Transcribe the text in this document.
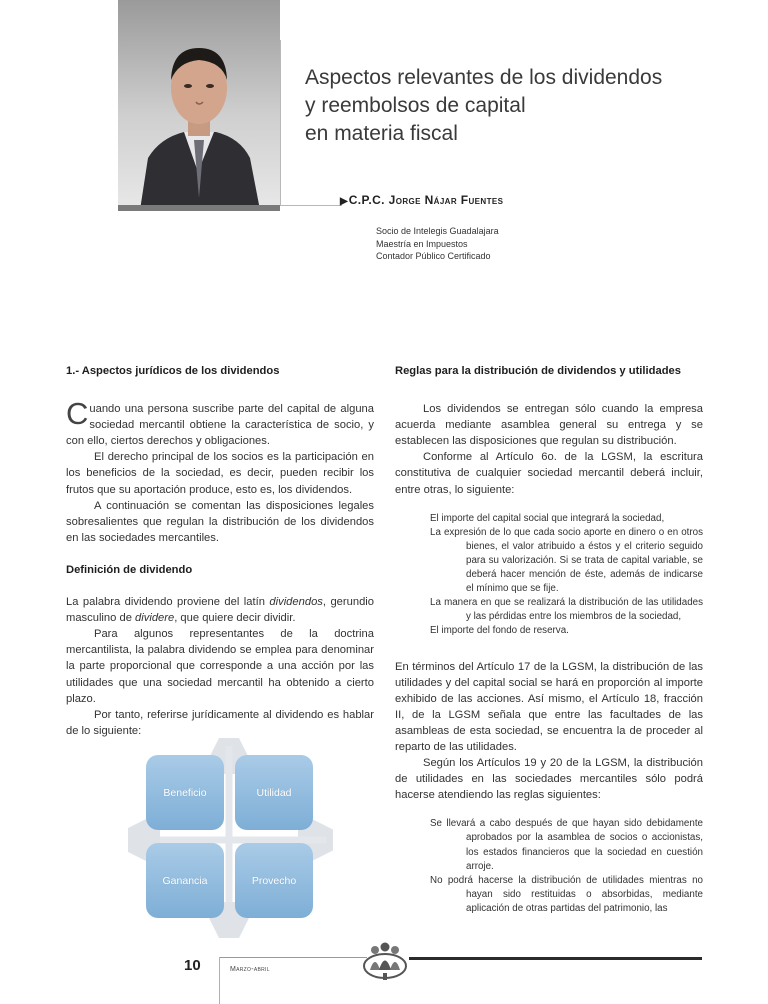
Aspectos relevantes de los dividendos
y reembolsos de capital
en materia fiscal
▶C.P.C. Jorge Nájar Fuentes
Socio de Intelegis Guadalajara
Maestría en Impuestos
Contador Público Certificado
1.- Aspectos jurídicos de los dividendos

Cuando una persona suscribe parte del capital de alguna sociedad mercantil obtiene la característica de socio, y con ello, ciertos derechos y obligaciones.

El derecho principal de los socios es la participación en los beneficios de la sociedad, es decir, pueden recibir los frutos que su aportación produce, esto es, los dividendos.

A continuación se comentan las disposiciones legales sobresalientes que regulan la distribución de los dividendos en las sociedades mercantiles.

Definición de dividendo

La palabra dividendo proviene del latín dividendos, gerundio masculino de dividere, que quiere decir dividir.

Para algunos representantes de la doctrina mercantilista, la palabra dividendo se emplea para denominar la parte proporcional que corresponde a una acción por las utilidades que una sociedad mercantil ha obtenido a cierto plazo.

Por tanto, referirse jurídicamente al dividendo es hablar de lo siguiente:

Beneficio	Utilidad
Ganancia	Provecho
Reglas para la distribución de dividendos y utilidades

Los dividendos se entregan sólo cuando la empresa acuerda mediante asamblea general su entrega y se establecen las disposiciones que regulan su distribución.

Conforme al Artículo 6o. de la LGSM, la escritura constitutiva de cualquier sociedad mercantil deberá incluir, entre otras, lo siguiente:

El importe del capital social que integrará la sociedad,
La expresión de lo que cada socio aporte en dinero o en otros bienes, el valor atribuido a éstos y el criterio seguido para su valorización. Si se trata de capital variable, se deberá hacer mención de éste, además de indicarse el mínimo que se fije.
La manera en que se realizará la distribución de las utilidades y las pérdidas entre los miembros de la sociedad,
El importe del fondo de reserva.

En términos del Artículo 17 de la LGSM, la distribución de las utilidades y del capital social se hará en proporción al importe exhibido de las acciones. Así mismo, el Artículo 18, fracción II, de la LGSM señala que entre las facultades de las asambleas de esta sociedad, se encuentra la de proceder al reparto de las utilidades.

Según los Artículos 19 y 20 de la LGSM, la distribución de utilidades en las sociedades mercantiles sólo podrá hacerse atendiendo las reglas siguientes:

Se llevará a cabo después de que hayan sido debidamente aprobados por la asamblea de socios o accionistas, los estados financieros que la sociedad en cuestión arroje.
No podrá hacerse la distribución de utilidades mientras no hayan sido restituidas o absorbidas, mediante aplicación de otras partidas del patrimonio, las
10	Marzo-abril
